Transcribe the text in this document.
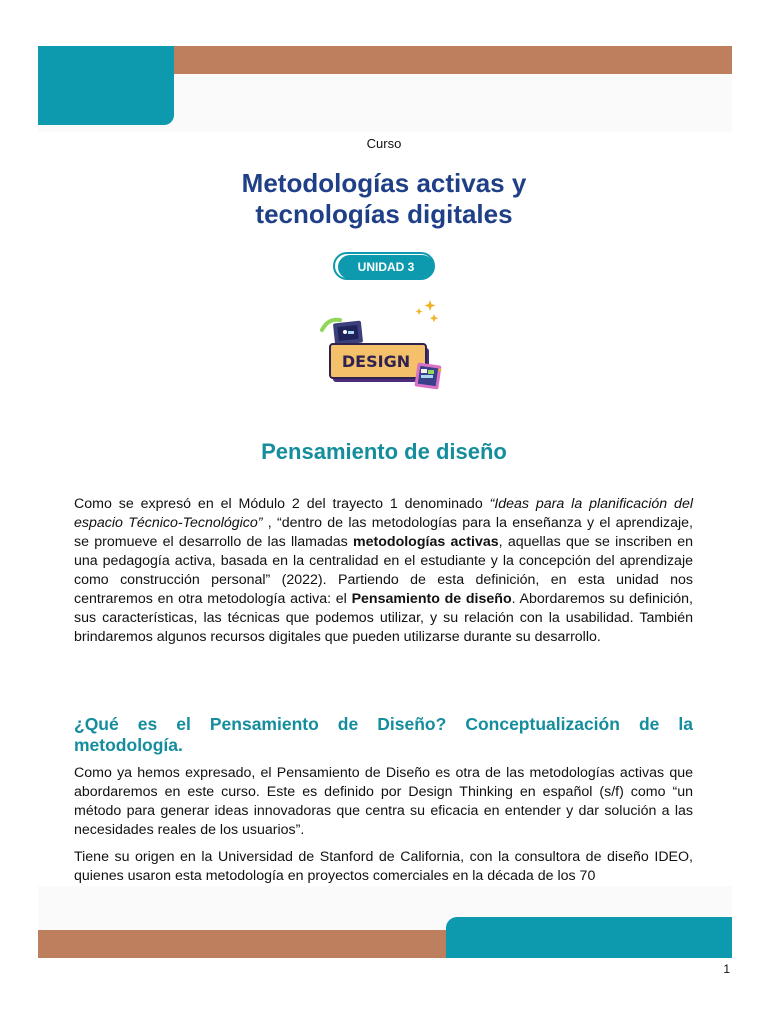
Curso
Metodologías activas y
tecnologías digitales
UNIDAD 3
DESIGN
Pensamiento de diseño
Como se expresó en el Módulo 2 del trayecto 1 denominado “Ideas para la planificación del espacio Técnico-Tecnológico” , “dentro de las metodologías para la enseñanza y el aprendizaje, se promueve el desarrollo de las llamadas metodologías activas, aquellas que se inscriben en una pedagogía activa, basada en la centralidad en el estudiante y la concepción del aprendizaje como construcción personal” (2022). Partiendo de esta definición, en esta unidad nos centraremos en otra metodología activa: el Pensamiento de diseño. Abordaremos su definición, sus características, las técnicas que podemos utilizar, y su relación con la usabilidad. También brindaremos algunos recursos digitales que pueden utilizarse durante su desarrollo.
¿Qué es el Pensamiento de Diseño? Conceptualización de la metodología.
Como ya hemos expresado, el Pensamiento de Diseño es otra de las metodologías activas que abordaremos en este curso. Este es definido por Design Thinking en español (s/f) como “un método para generar ideas innovadoras que centra su eficacia en entender y dar solución a las necesidades reales de los usuarios”.
Tiene su origen en la Universidad de Stanford de California, con la consultora de diseño IDEO, quienes usaron esta metodología en proyectos comerciales en la década de los 70
1
